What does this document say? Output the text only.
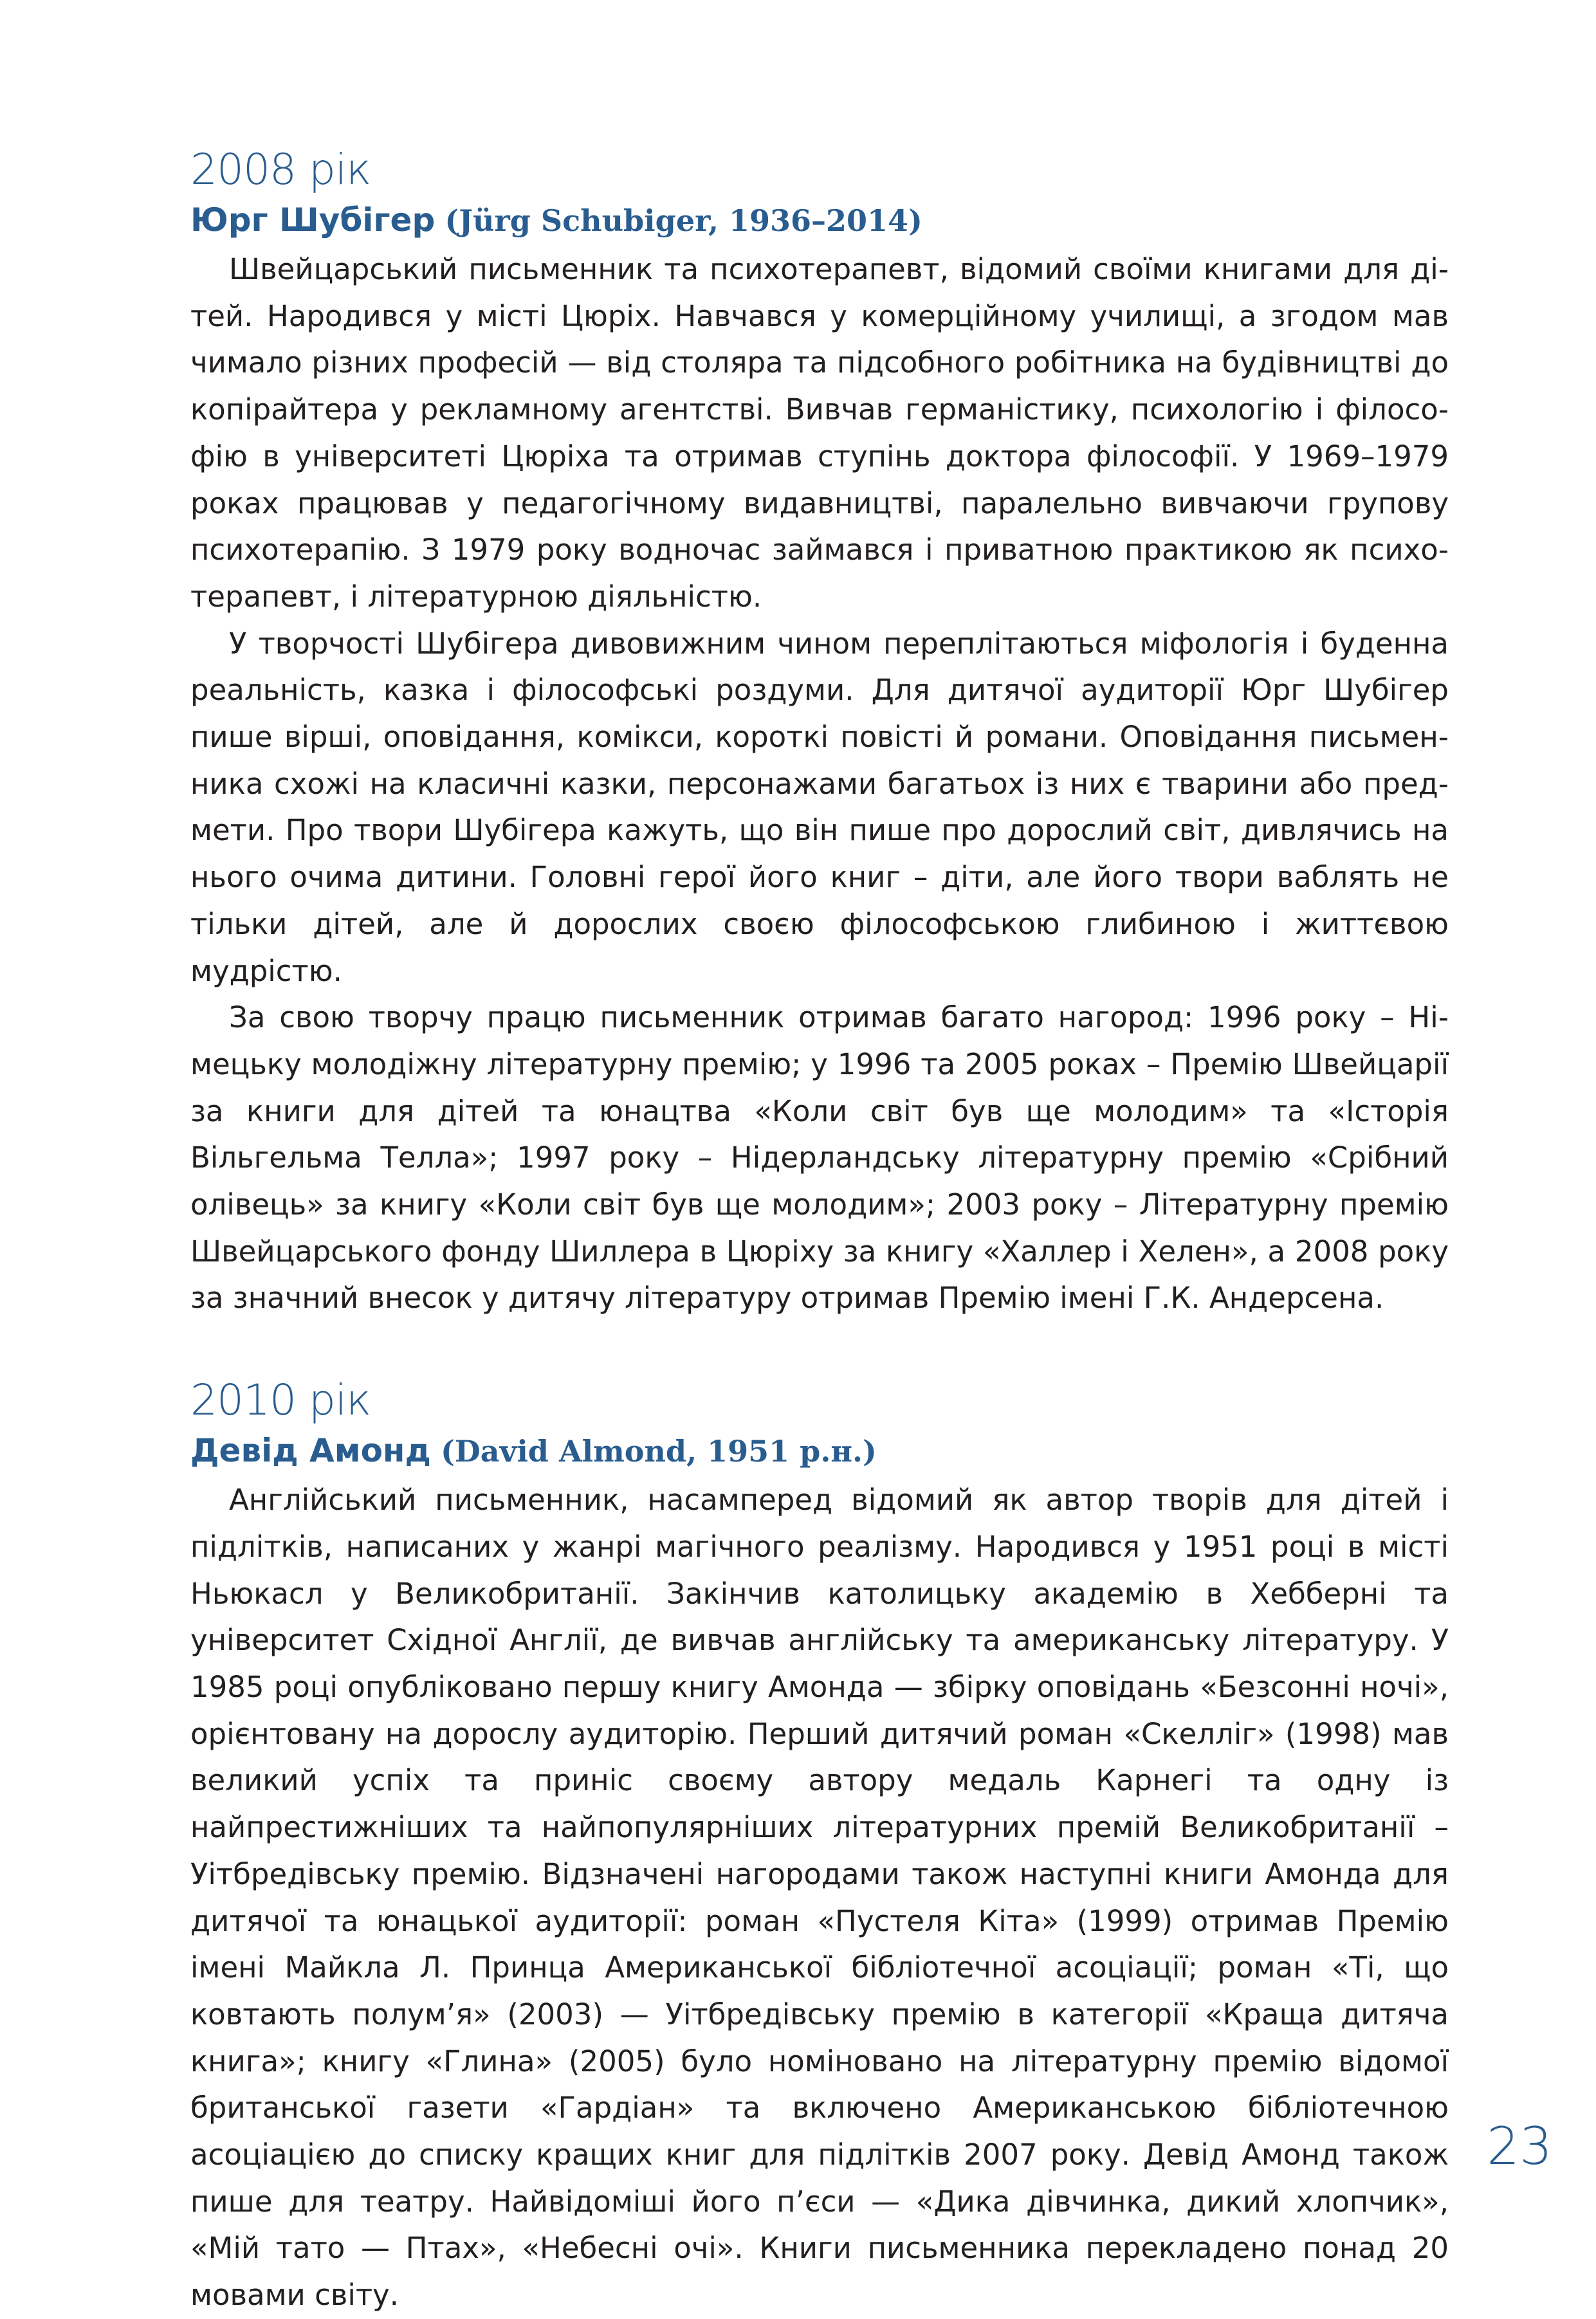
2008 рік

Юрг Шубігер (Jürg Schubiger, 1936–2014)

Швейцарський письменник та психотерапевт, відомий своїми книгами для дітей. Народився у місті Цюріх. Навчався у комерційному училищі, а згодом мав чимало різних професій — від столяра та підсобного робітника на будівництві до копірайтера у рекламному агентстві. Вивчав германістику, психологію і філософію в університеті Цюріха та отримав ступінь доктора філософії. У 1969–1979 роках працював у педагогічному видавництві, паралельно вивчаючи групову психотерапію. З 1979 року водночас займався і приватною практикою як психотерапевт, і літературною діяльністю.

У творчості Шубігера дивовижним чином переплітаються міфологія і буденна реальність, казка і філософські роздуми. Для дитячої аудиторії Юрг Шубігер пише вірші, оповідання, комікси, короткі повісті й романи. Оповідання письменника схожі на класичні казки, персонажами багатьох із них є тварини або предмети. Про твори Шубігера кажуть, що він пише про дорослий світ, дивлячись на нього очима дитини. Головні герої його книг – діти, але його твори ваблять не тільки дітей, але й дорослих своєю філософською глибиною і життєвою мудрістю.

За свою творчу працю письменник отримав багато нагород: 1996 року – Німецьку молодіжну літературну премію; у 1996 та 2005 роках – Премію Швейцарії за книги для дітей та юнацтва «Коли світ був ще молодим» та «Історія Вільгельма Телла»; 1997 року – Нідерландську літературну премію «Срібний олівець» за книгу «Коли світ був ще молодим»; 2003 року – Літературну премію Швейцарського фонду Шиллера в Цюріху за книгу «Халлер і Хелен», а 2008 року за значний внесок у дитячу літературу отримав Премію імені Г.К. Андерсена.

2010 рік

Девід Амонд (David Almond, 1951 р.н.)

Англійський письменник, насамперед відомий як автор творів для дітей і підлітків, написаних у жанрі магічного реалізму. Народився у 1951 році в місті Ньюкасл у Великобританії. Закінчив католицьку академію в Хебберні та університет Східної Англії, де вивчав англійську та американську літературу. У 1985 році опубліковано першу книгу Амонда — збірку оповідань «Безсонні ночі», орієнтовану на дорослу аудиторію. Перший дитячий роман «Скелліг» (1998) мав великий успіх та приніс своєму автору медаль Карнегі та одну із найпрестижніших та найпопулярніших літературних премій Великобританії – Уітбредівську премію. Відзначені нагородами також наступні книги Амонда для дитячої та юнацької аудиторії: роман «Пустеля Кіта» (1999) отримав Премію імені Майкла Л. Принца Американської бібліотечної асоціації; роман «Ті, що ковтають полум’я» (2003) — Уітбредівську премію в категорії «Краща дитяча книга»; книгу «Глина» (2005) було номіновано на літературну премію відомої британської газети «Гардіан» та включено Американською бібліотечною асоціацією до списку кращих книг для підлітків 2007 року. Девід Амонд також пише для театру. Найвідоміші його п’єси — «Дика дівчинка, дикий хлопчик», «Мій тато — Птах», «Небесні очі». Книги письменника перекладено понад 20 мовами світу.

23
